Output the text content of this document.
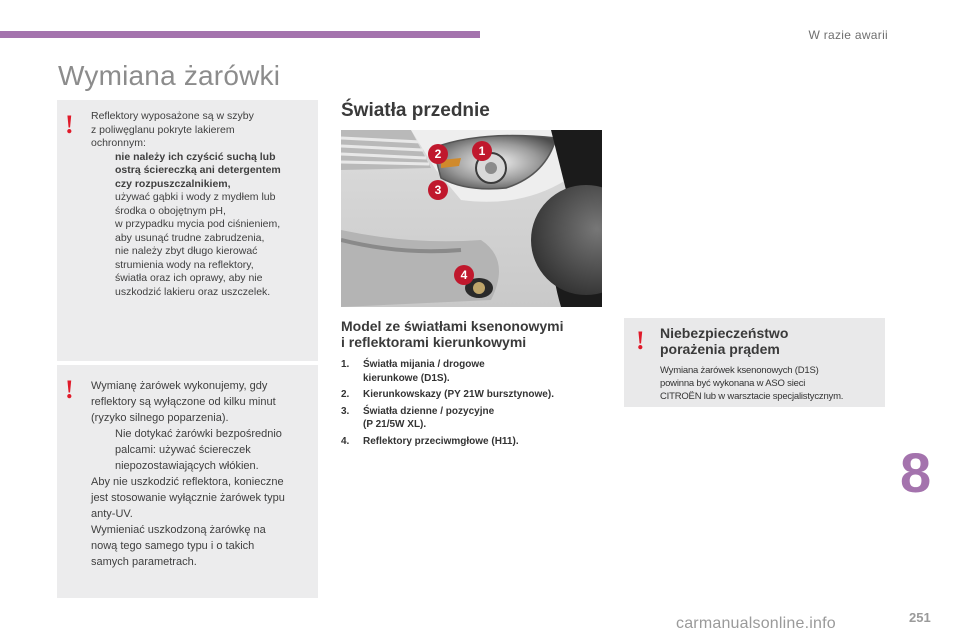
W razie awarii
Wymiana żarówki
! Reflektory wyposażone są w szyby
z poliwęglanu pokryte lakierem
ochronnym:
nie należy ich czyścić suchą lub
ostrą ściereczką ani detergentem
czy rozpuszczalnikiem,
używać gąbki i wody z mydłem lub
środka o obojętnym pH,
w przypadku mycia pod ciśnieniem,
aby usunąć trudne zabrudzenia,
nie należy zbyt długo kierować
strumienia wody na reflektory,
światła oraz ich oprawy, aby nie
uszkodzić lakieru oraz uszczelek.
! Wymianę żarówek wykonujemy, gdy
reflektory są wyłączone od kilku minut
(ryzyko silnego poparzenia).
Nie dotykać żarówki bezpośrednio
palcami: używać ściereczek
niepozostawiających włókien.
Aby nie uszkodzić reflektora, konieczne
jest stosowanie wyłącznie żarówek typu
anty-UV.
Wymieniać uszkodzoną żarówkę na
nową tego samego typu i o takich
samych parametrach.
Światła przednie
1
2
3
4
Model ze światłami ksenonowymi
i reflektorami kierunkowymi
1.	Światła mijania / drogowe
kierunkowe (D1S).
2.	Kierunkowskazy (PY 21W bursztynowe).
3.	Światła dzienne / pozycyjne
(P 21/5W XL).
4.	Reflektory przeciwmgłowe (H11).
! Niebezpieczeństwo
porażenia prądem
Wymiana żarówek ksenonowych (D1S)
powinna być wykonana w ASO sieci
CITROËN lub w warsztacie specjalistycznym.
8
carmanualsonline.info	251
